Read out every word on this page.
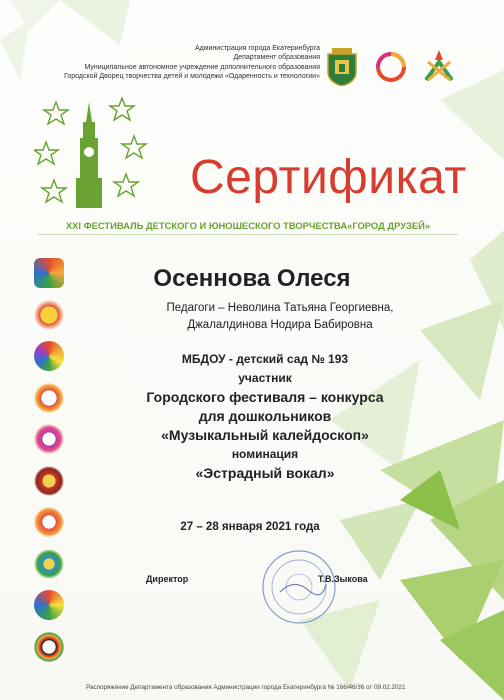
Администрация города Екатеринбурга
Департамент образования
Муниципальное автономное учреждение дополнительного образования
Городской Дворец творчества детей и молодежи «Одаренность и технологии»
Сертификат
XXI ФЕСТИВАЛЬ ДЕТСКОГО И ЮНОШЕСКОГО ТВОРЧЕСТВА«ГОРОД ДРУЗЕЙ»
Осеннова Олеся
Педагоги – Неволина Татьяна Георгиевна,
Джалалдинова Нодира Бабировна
МБДОУ - детский сад № 193
участник
Городского фестиваля – конкурса
для дошкольников
«Музыкальный калейдоскоп»
номинация
«Эстрадный вокал»
27 – 28 января 2021 года
Директор	Т.В.Зыкова
Распоряжение Департамента образования Администрации города Екатеринбурга № 166/46/36 от 09.02.2021
